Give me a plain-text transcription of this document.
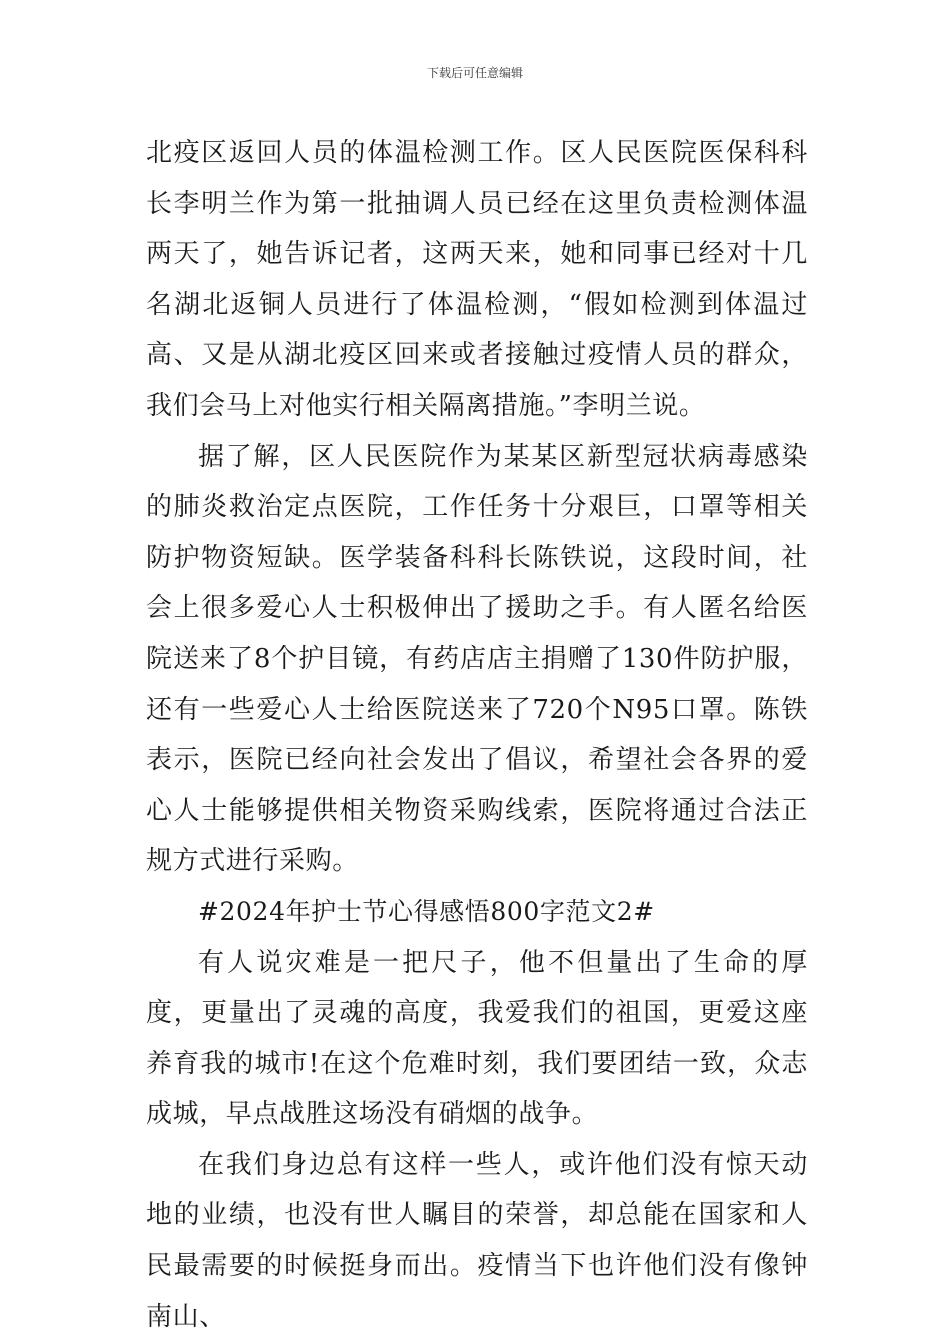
下载后可任意编辑

北疫区返回人员的体温检测工作。区人民医院医保科科长李明兰作为第一批抽调人员已经在这里负责检测体温两天了，她告诉记者，这两天来，她和同事已经对十几名湖北返铜人员进行了体温检测，“假如检测到体温过高、又是从湖北疫区回来或者接触过疫情人员的群众，我们会马上对他实行相关隔离措施。”李明兰说。

据了解，区人民医院作为某某区新型冠状病毒感染的肺炎救治定点医院，工作任务十分艰巨，口罩等相关防护物资短缺。医学装备科科长陈铁说，这段时间，社会上很多爱心人士积极伸出了援助之手。有人匿名给医院送来了8个护目镜，有药店店主捐赠了130件防护服，还有一些爱心人士给医院送来了720个N95口罩。陈铁表示，医院已经向社会发出了倡议，希望社会各界的爱心人士能够提供相关物资采购线索，医院将通过合法正规方式进行采购。

#2024年护士节心得感悟800字范文2#

有人说灾难是一把尺子，他不但量出了生命的厚度，更量出了灵魂的高度，我爱我们的祖国，更爱这座养育我的城市!在这个危难时刻，我们要团结一致，众志成城，早点战胜这场没有硝烟的战争。

在我们身边总有这样一些人，或许他们没有惊天动地的业绩，也没有世人瞩目的荣誉，却总能在国家和人民最需要的时候挺身而出。疫情当下也许他们没有像钟南山、
